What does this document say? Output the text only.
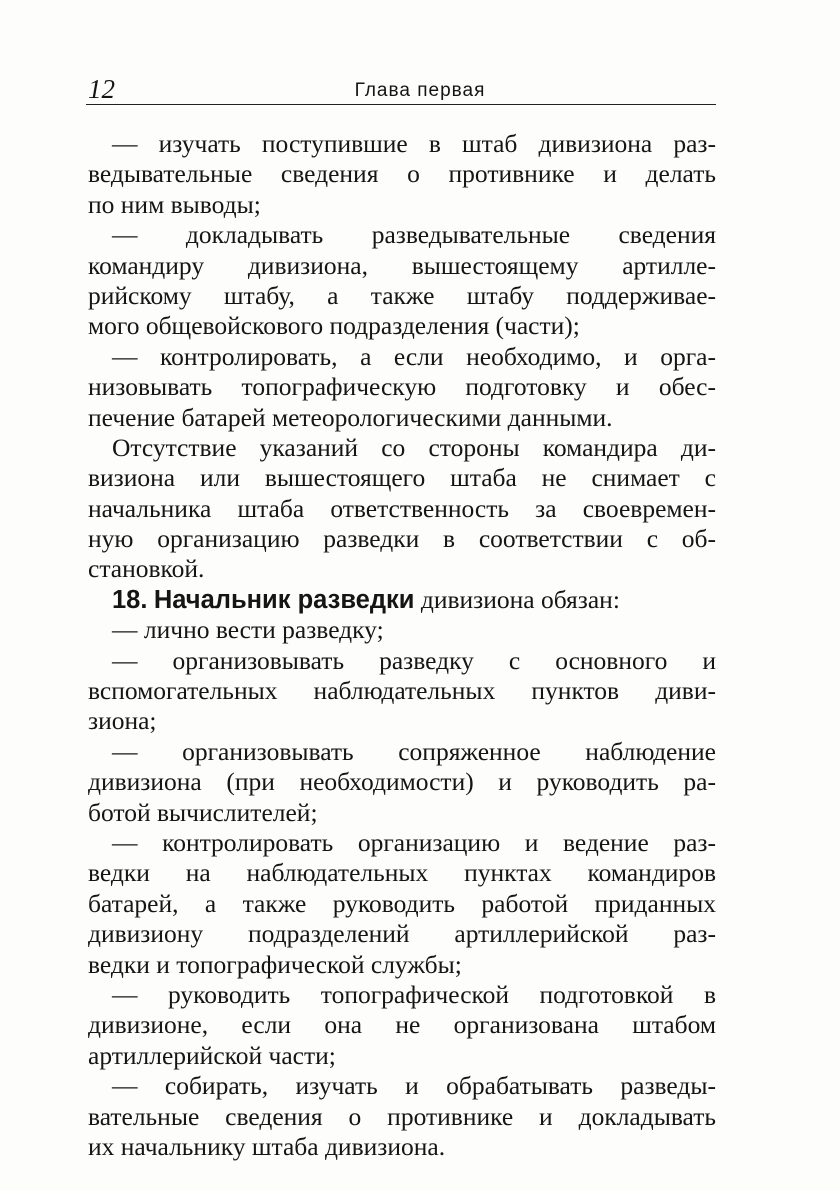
12	Глава первая
— изучать поступившие в штаб дивизиона раз-
ведывательные сведения о противнике и делать
по ним выводы;
— докладывать разведывательные сведения
командиру дивизиона, вышестоящему артилле-
рийскому штабу, а также штабу поддерживае-
мого общевойскового подразделения (части);
— контролировать, а если необходимо, и орга-
низовывать топографическую подготовку и обес-
печение батарей метеорологическими данными.
Отсутствие указаний со стороны командира ди-
визиона или вышестоящего штаба не снимает с
начальника штаба ответственность за своевремен-
ную организацию разведки в соответствии с об-
становкой.
18. Начальник разведки дивизиона обязан:
— лично вести разведку;
— организовывать разведку с основного и
вспомогательных наблюдательных пунктов диви-
зиона;
— организовывать сопряженное наблюдение
дивизиона (при необходимости) и руководить ра-
ботой вычислителей;
— контролировать организацию и ведение раз-
ведки на наблюдательных пунктах командиров
батарей, а также руководить работой приданных
дивизиону подразделений артиллерийской раз-
ведки и топографической службы;
— руководить топографической подготовкой в
дивизионе, если она не организована штабом
артиллерийской части;
— собирать, изучать и обрабатывать разведы-
вательные сведения о противнике и докладывать
их начальнику штаба дивизиона.
